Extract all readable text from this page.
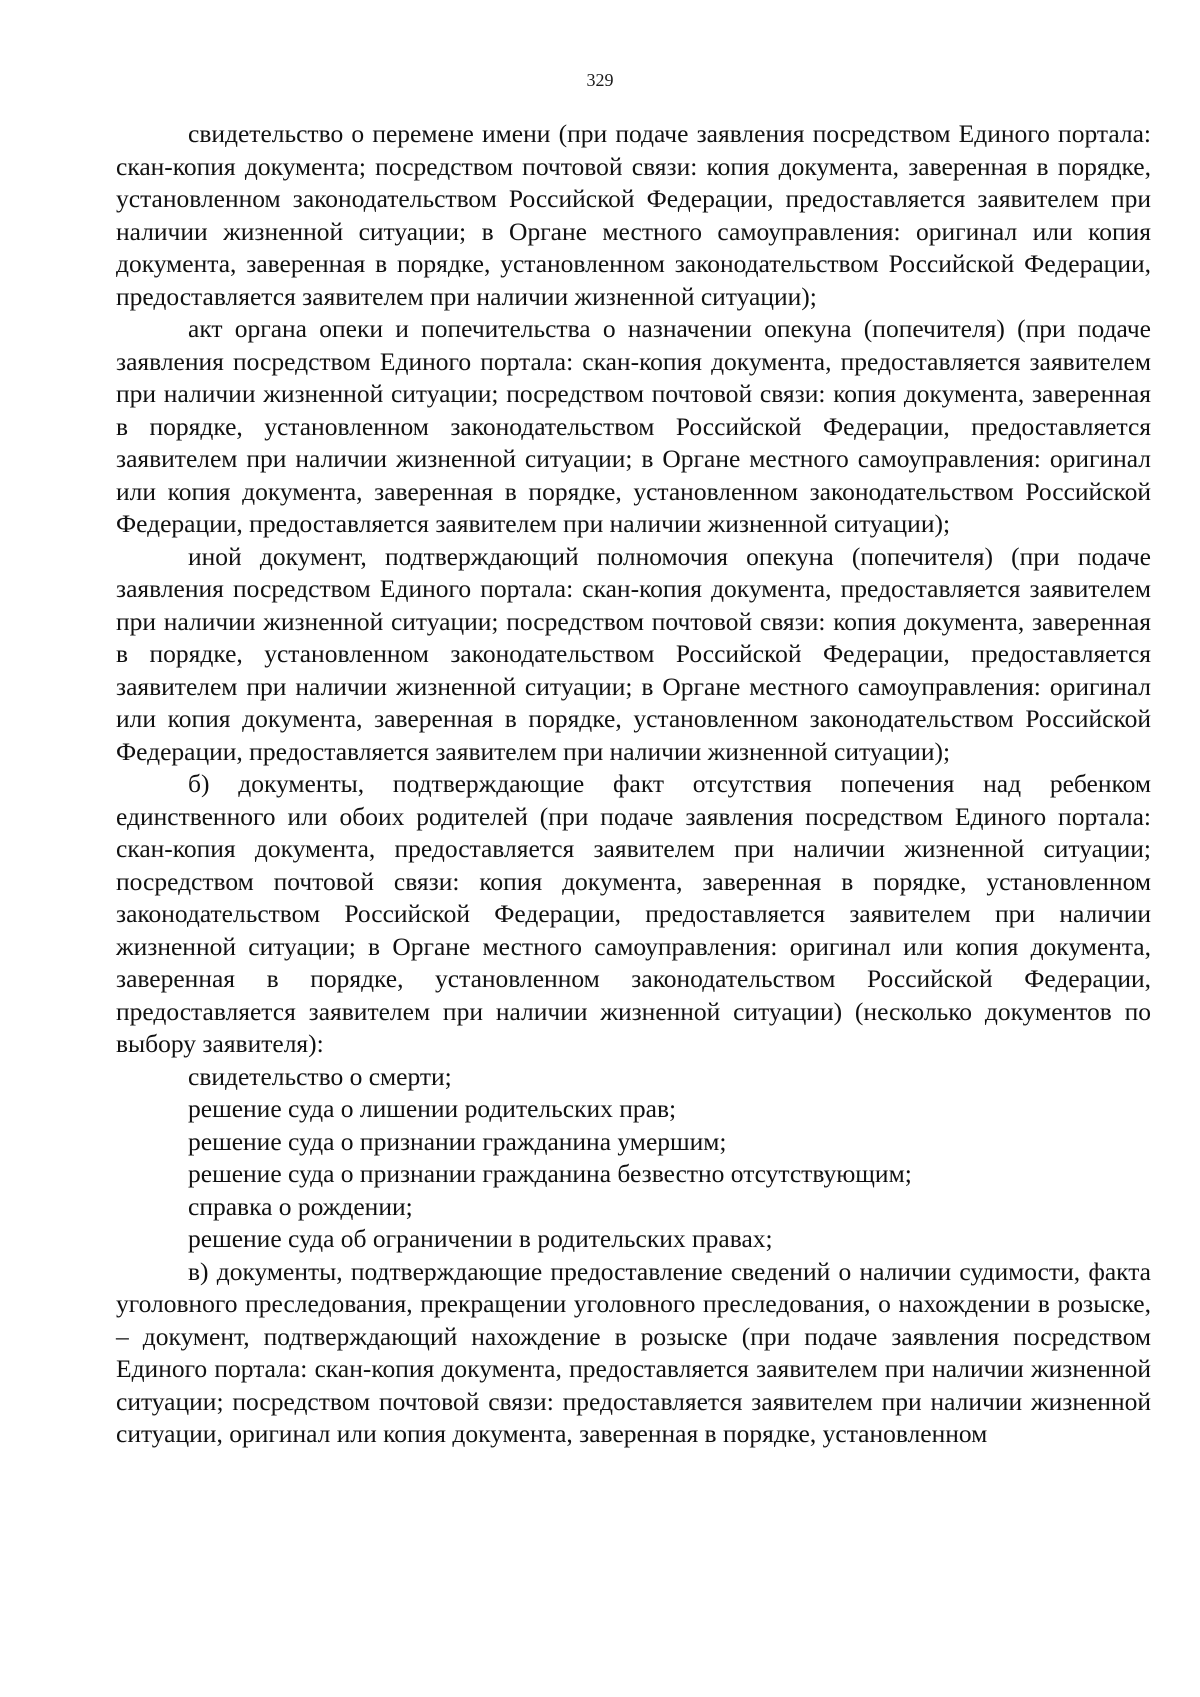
329

свидетельство о перемене имени (при подаче заявления посредством Единого портала: скан-копия документа; посредством почтовой связи: копия документа, заверенная в порядке, установленном законодательством Российской Федерации, предоставляется заявителем при наличии жизненной ситуации; в Органе местного самоуправления: оригинал или копия документа, заверенная в порядке, установленном законодательством Российской Федерации, предоставляется заявителем при наличии жизненной ситуации);

акт органа опеки и попечительства о назначении опекуна (попечителя) (при подаче заявления посредством Единого портала: скан-копия документа, предоставляется заявителем при наличии жизненной ситуации; посредством почтовой связи: копия документа, заверенная в порядке, установленном законодательством Российской Федерации, предоставляется заявителем при наличии жизненной ситуации; в Органе местного самоуправления: оригинал или копия документа, заверенная в порядке, установленном законодательством Российской Федерации, предоставляется заявителем при наличии жизненной ситуации);

иной документ, подтверждающий полномочия опекуна (попечителя) (при подаче заявления посредством Единого портала: скан-копия документа, предоставляется заявителем при наличии жизненной ситуации; посредством почтовой связи: копия документа, заверенная в порядке, установленном законодательством Российской Федерации, предоставляется заявителем при наличии жизненной ситуации; в Органе местного самоуправления: оригинал или копия документа, заверенная в порядке, установленном законодательством Российской Федерации, предоставляется заявителем при наличии жизненной ситуации);

б) документы, подтверждающие факт отсутствия попечения над ребенком единственного или обоих родителей (при подаче заявления посредством Единого портала: скан-копия документа, предоставляется заявителем при наличии жизненной ситуации; посредством почтовой связи: копия документа, заверенная в порядке, установленном законодательством Российской Федерации, предоставляется заявителем при наличии жизненной ситуации; в Органе местного самоуправления: оригинал или копия документа, заверенная в порядке, установленном законодательством Российской Федерации, предоставляется заявителем при наличии жизненной ситуации) (несколько документов по выбору заявителя):

свидетельство о смерти;

решение суда о лишении родительских прав;

решение суда о признании гражданина умершим;

решение суда о признании гражданина безвестно отсутствующим;

справка о рождении;

решение суда об ограничении в родительских правах;

в) документы, подтверждающие предоставление сведений о наличии судимости, факта уголовного преследования, прекращении уголовного преследования, о нахождении в розыске, – документ, подтверждающий нахождение в розыске (при подаче заявления посредством Единого портала: скан-копия документа, предоставляется заявителем при наличии жизненной ситуации; посредством почтовой связи: предоставляется заявителем при наличии жизненной ситуации, оригинал или копия документа, заверенная в порядке, установленном
